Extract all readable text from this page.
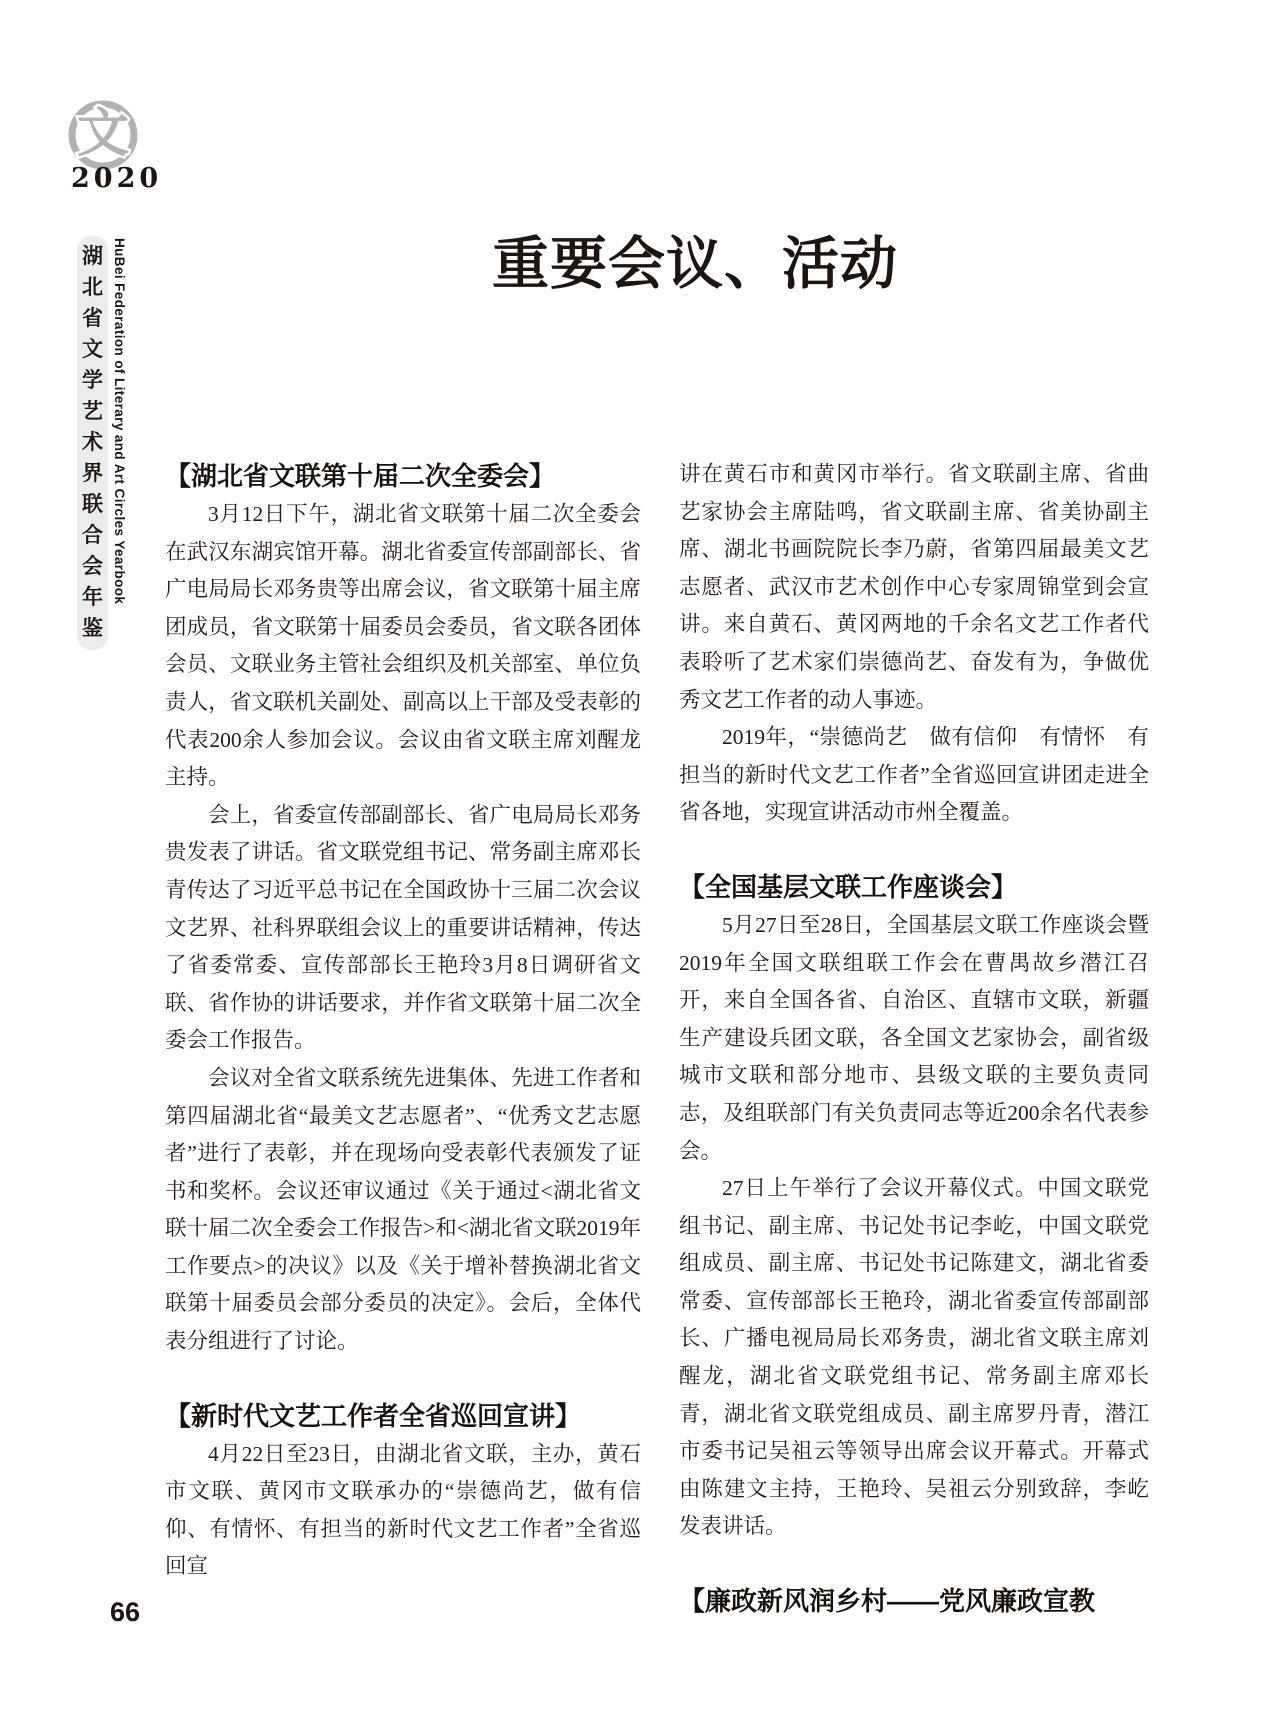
文
2020
湖
北
省
文
学
艺
术
界
联
合
会
年
鉴
HuBei Federation of Literary and Art Circles Yearbook	重要会议、活动
【湖北省文联第十届二次全委会】
3月12日下午，湖北省文联第十届二次全委会在武汉东湖宾馆开幕。湖北省委宣传部副部长、省广电局局长邓务贵等出席会议，省文联第十届主席团成员，省文联第十届委员会委员，省文联各团体会员、文联业务主管社会组织及机关部室、单位负责人，省文联机关副处、副高以上干部及受表彰的代表200余人参加会议。会议由省文联主席刘醒龙主持。
会上，省委宣传部副部长、省广电局局长邓务贵发表了讲话。省文联党组书记、常务副主席邓长青传达了习近平总书记在全国政协十三届二次会议文艺界、社科界联组会议上的重要讲话精神，传达了省委常委、宣传部部长王艳玲3月8日调研省文联、省作协的讲话要求，并作省文联第十届二次全委会工作报告。
会议对全省文联系统先进集体、先进工作者和第四届湖北省“最美文艺志愿者”、“优秀文艺志愿者”进行了表彰，并在现场向受表彰代表颁发了证书和奖杯。会议还审议通过《关于通过<湖北省文联十届二次全委会工作报告>和<湖北省文联2019年工作要点>的决议》以及《关于增补替换湖北省文联第十届委员会部分委员的决定》。会后，全体代表分组进行了讨论。
【新时代文艺工作者全省巡回宣讲】
4月22日至23日，由湖北省文联，主办，黄石市文联、黄冈市文联承办的“崇德尚艺，做有信仰、有情怀、有担当的新时代文艺工作者”全省巡回宣
讲在黄石市和黄冈市举行。省文联副主席、省曲艺家协会主席陆鸣，省文联副主席、省美协副主席、湖北书画院院长李乃蔚，省第四届最美文艺志愿者、武汉市艺术创作中心专家周锦堂到会宣讲。来自黄石、黄冈两地的千余名文艺工作者代表聆听了艺术家们崇德尚艺、奋发有为，争做优秀文艺工作者的动人事迹。
2019年，“崇德尚艺　做有信仰　有情怀　有担当的新时代文艺工作者”全省巡回宣讲团走进全省各地，实现宣讲活动市州全覆盖。
【全国基层文联工作座谈会】
5月27日至28日，全国基层文联工作座谈会暨2019年全国文联组联工作会在曹禺故乡潜江召开，来自全国各省、自治区、直辖市文联，新疆生产建设兵团文联，各全国文艺家协会，副省级城市文联和部分地市、县级文联的主要负责同志，及组联部门有关负责同志等近200余名代表参会。
27日上午举行了会议开幕仪式。中国文联党组书记、副主席、书记处书记李屹，中国文联党组成员、副主席、书记处书记陈建文，湖北省委常委、宣传部部长王艳玲，湖北省委宣传部副部长、广播电视局局长邓务贵，湖北省文联主席刘醒龙，湖北省文联党组书记、常务副主席邓长青，湖北省文联党组成员、副主席罗丹青，潜江市委书记吴祖云等领导出席会议开幕式。开幕式由陈建文主持，王艳玲、吴祖云分别致辞，李屹发表讲话。
【廉政新风润乡村——党风廉政宣教
66
